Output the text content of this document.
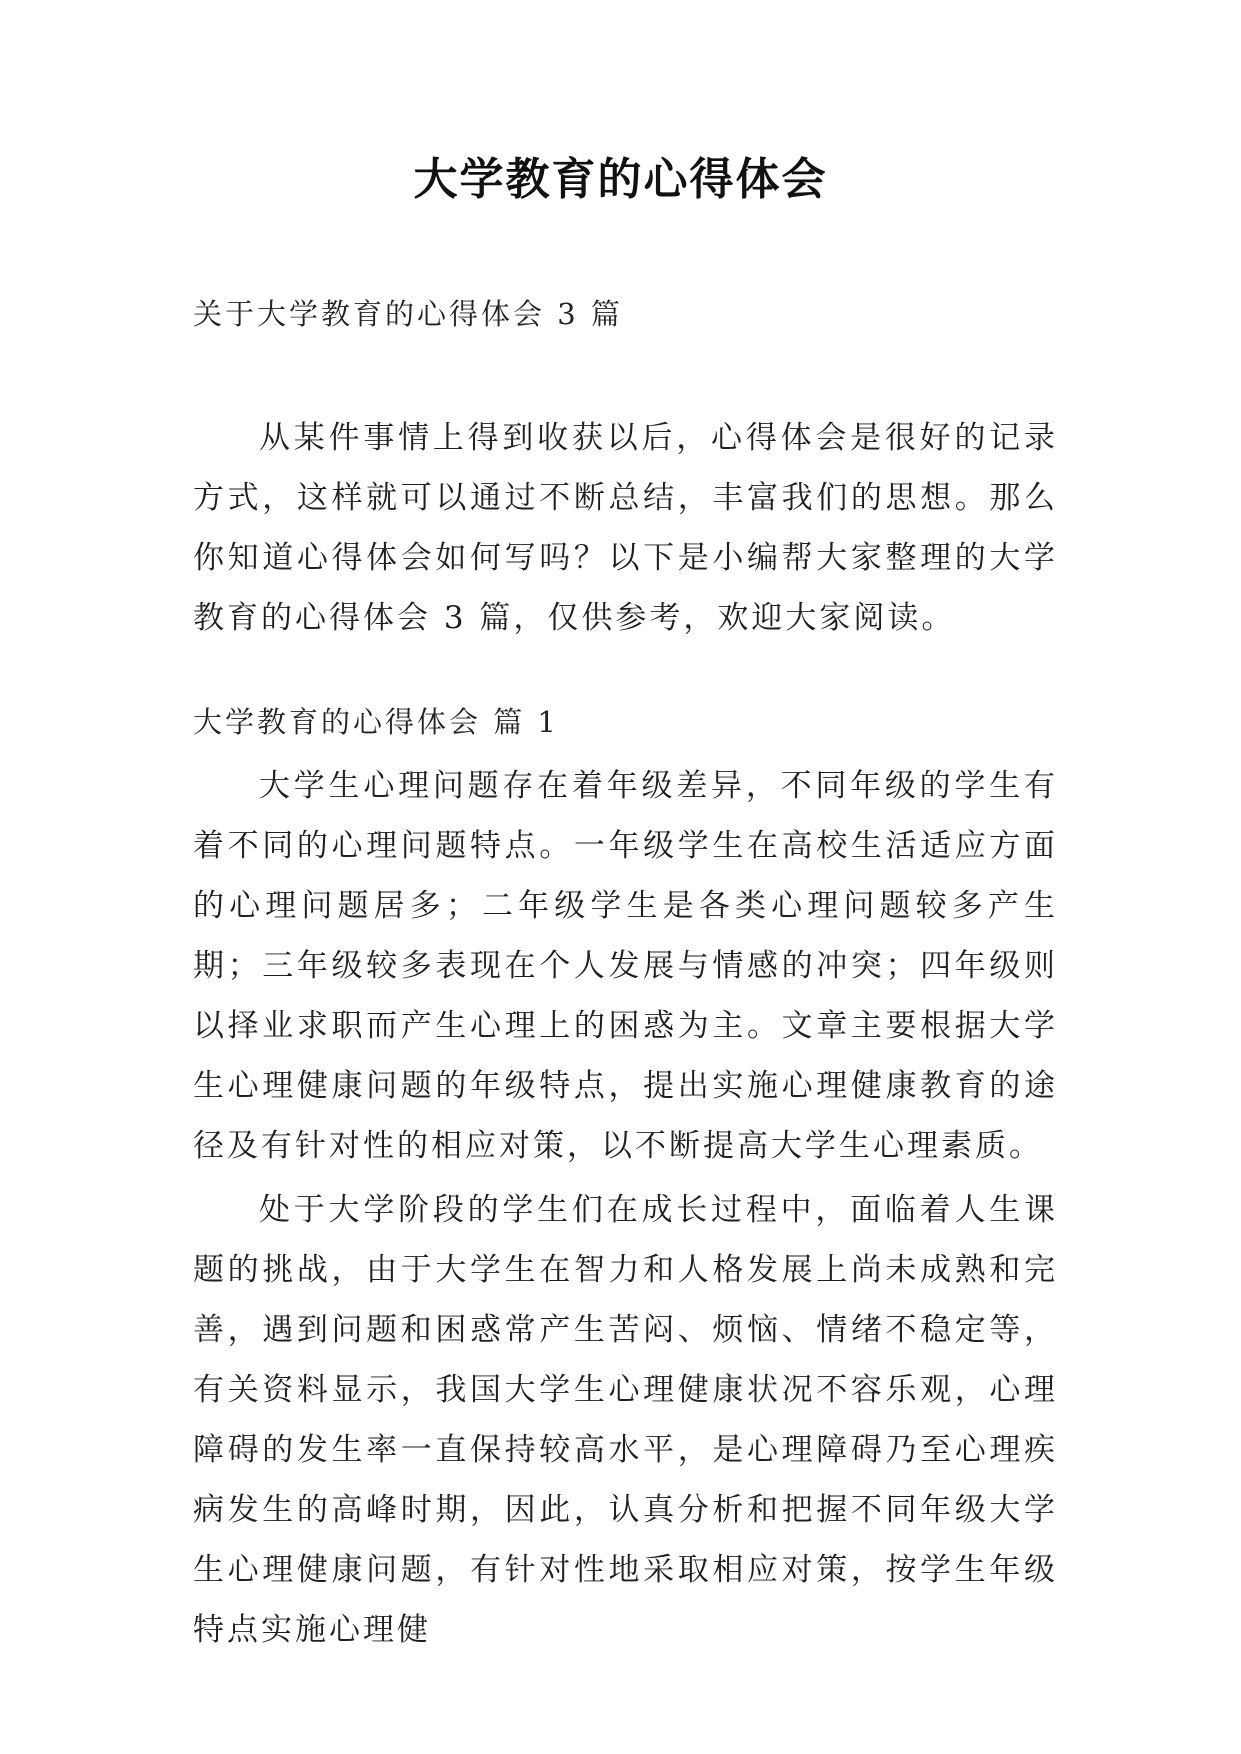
大学教育的心得体会
关于大学教育的心得体会 3 篇

从某件事情上得到收获以后，心得体会是很好的记录方式，这样就可以通过不断总结，丰富我们的思想。那么你知道心得体会如何写吗？以下是小编帮大家整理的大学教育的心得体会 3 篇，仅供参考，欢迎大家阅读。

大学教育的心得体会 篇 1

大学生心理问题存在着年级差异，不同年级的学生有着不同的心理问题特点。一年级学生在高校生活适应方面的心理问题居多；二年级学生是各类心理问题较多产生期；三年级较多表现在个人发展与情感的冲突；四年级则以择业求职而产生心理上的困惑为主。文章主要根据大学生心理健康问题的年级特点，提出实施心理健康教育的途径及有针对性的相应对策，以不断提高大学生心理素质。

处于大学阶段的学生们在成长过程中，面临着人生课题的挑战，由于大学生在智力和人格发展上尚未成熟和完善，遇到问题和困惑常产生苦闷、烦恼、情绪不稳定等，有关资料显示，我国大学生心理健康状况不容乐观，心理障碍的发生率一直保持较高水平，是心理障碍乃至心理疾病发生的高峰时期，因此，认真分析和把握不同年级大学生心理健康问题，有针对性地采取相应对策，按学生年级特点实施心理健
